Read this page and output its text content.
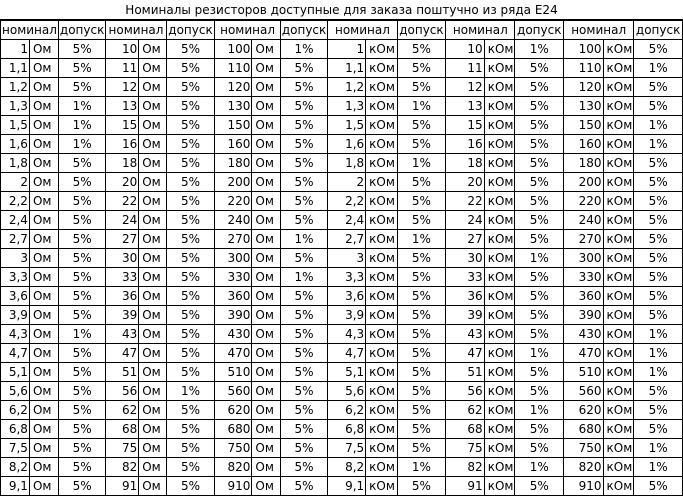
Номиналы резисторов доступные для заказа поштучно из ряда Е24
номинал		допуск	номинал		допуск	номинал		допуск	номинал		допуск	номинал		допуск	номинал		допуск
1	Ом	5%	10	Ом	5%	100	Ом	1%	1	кОм	5%	10	кОм	1%	100	кОм	5%
1,1	Ом	5%	11	Ом	5%	110	Ом	5%	1,1	кОм	5%	11	кОм	5%	110	кОм	1%
1,2	Ом	5%	12	Ом	5%	120	Ом	5%	1,2	кОм	5%	12	кОм	5%	120	кОм	5%
1,3	Ом	1%	13	Ом	5%	130	Ом	5%	1,3	кОм	1%	13	кОм	5%	130	кОм	5%
1,5	Ом	1%	15	Ом	5%	150	Ом	5%	1,5	кОм	5%	15	кОм	5%	150	кОм	1%
1,6	Ом	1%	16	Ом	5%	160	Ом	5%	1,6	кОм	5%	16	кОм	5%	160	кОм	1%
1,8	Ом	5%	18	Ом	5%	180	Ом	5%	1,8	кОм	1%	18	кОм	5%	180	кОм	5%
2	Ом	5%	20	Ом	5%	200	Ом	5%	2	кОм	5%	20	кОм	5%	200	кОм	5%
2,2	Ом	5%	22	Ом	5%	220	Ом	5%	2,2	кОм	5%	22	кОм	5%	220	кОм	5%
2,4	Ом	5%	24	Ом	5%	240	Ом	5%	2,4	кОм	5%	24	кОм	5%	240	кОм	5%
2,7	Ом	5%	27	Ом	5%	270	Ом	1%	2,7	кОм	1%	27	кОм	5%	270	кОм	5%
3	Ом	5%	30	Ом	5%	300	Ом	5%	3	кОм	5%	30	кОм	1%	300	кОм	5%
3,3	Ом	5%	33	Ом	5%	330	Ом	1%	3,3	кОм	5%	33	кОм	5%	330	кОм	5%
3,6	Ом	5%	36	Ом	5%	360	Ом	5%	3,6	кОм	5%	36	кОм	5%	360	кОм	5%
3,9	Ом	5%	39	Ом	5%	390	Ом	5%	3,9	кОм	5%	39	кОм	5%	390	кОм	5%
4,3	Ом	1%	43	Ом	5%	430	Ом	5%	4,3	кОм	5%	43	кОм	5%	430	кОм	1%
4,7	Ом	5%	47	Ом	5%	470	Ом	5%	4,7	кОм	5%	47	кОм	1%	470	кОм	1%
5,1	Ом	5%	51	Ом	5%	510	Ом	5%	5,1	кОм	5%	51	кОм	5%	510	кОм	1%
5,6	Ом	5%	56	Ом	1%	560	Ом	5%	5,6	кОм	5%	56	кОм	5%	560	кОм	5%
6,2	Ом	5%	62	Ом	5%	620	Ом	5%	6,2	кОм	5%	62	кОм	1%	620	кОм	5%
6,8	Ом	5%	68	Ом	5%	680	Ом	5%	6,8	кОм	5%	68	кОм	5%	680	кОм	5%
7,5	Ом	5%	75	Ом	5%	750	Ом	5%	7,5	кОм	5%	75	кОм	5%	750	кОм	1%
8,2	Ом	5%	82	Ом	5%	820	Ом	5%	8,2	кОм	1%	82	кОм	1%	820	кОм	1%
9,1	Ом	5%	91	Ом	5%	910	Ом	5%	9,1	кОм	5%	91	кОм	5%	910	кОм	5%
